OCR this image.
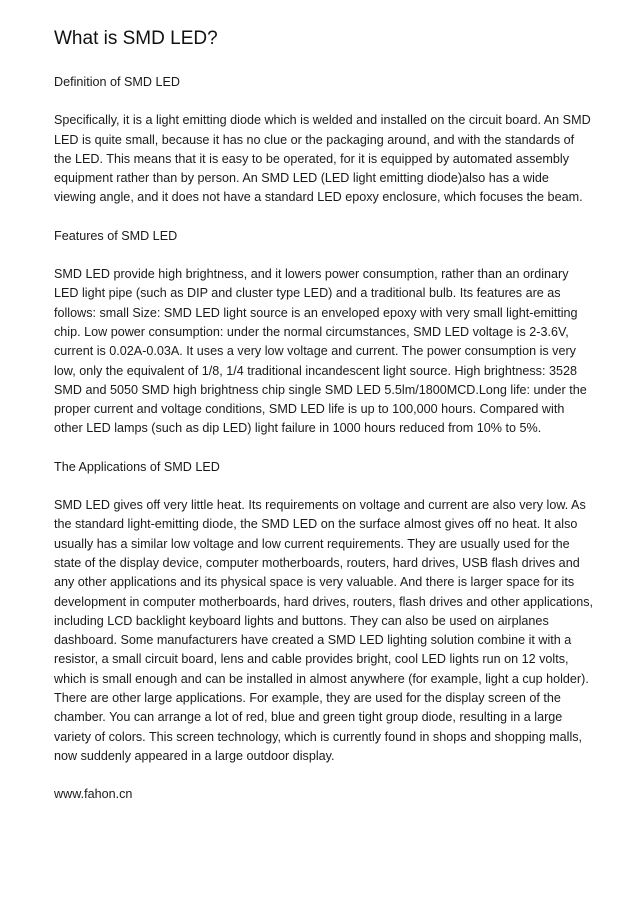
What is SMD LED?

Definition of SMD LED

Specifically, it is a light emitting diode which is welded and installed on the circuit board. An SMD LED is quite small, because it has no clue or the packaging around, and with the standards of the LED. This means that it is easy to be operated, for it is equipped by automated assembly equipment rather than by person. An SMD LED (LED light emitting diode)also has a wide viewing angle, and it does not have a standard LED epoxy enclosure, which focuses the beam.

Features of SMD LED

SMD LED provide high brightness, and it lowers power consumption, rather than an ordinary LED light pipe (such as DIP and cluster type LED) and a traditional bulb. Its features are as follows: small Size: SMD LED light source is an enveloped epoxy with very small light-emitting chip. Low power consumption: under the normal circumstances, SMD LED voltage is 2-3.6V, current is 0.02A-0.03A. It uses a very low voltage and current. The power consumption is very low, only the equivalent of 1/8, 1/4 traditional incandescent light source. High brightness: 3528 SMD and 5050 SMD high brightness chip single SMD LED 5.5lm/1800MCD.Long life: under the proper current and voltage conditions, SMD LED life is up to 100,000 hours. Compared with other LED lamps (such as dip LED) light failure in 1000 hours reduced from 10% to 5%.

The Applications of SMD LED

SMD LED gives off very little heat. Its requirements on voltage and current are also very low. As the standard light-emitting diode, the SMD LED on the surface almost gives off no heat. It also usually has a similar low voltage and low current requirements. They are usually used for the state of the display device, computer motherboards, routers, hard drives, USB flash drives and any other applications and its physical space is very valuable. And there is larger space for its development in computer motherboards, hard drives, routers, flash drives and other applications, including LCD backlight keyboard lights and buttons. They can also be used on airplanes dashboard. Some manufacturers have created a SMD LED lighting solution combine it with a resistor, a small circuit board, lens and cable provides bright, cool LED lights run on 12 volts, which is small enough and can be installed in almost anywhere (for example, light a cup holder). There are other large applications. For example, they are used for the display screen of the chamber. You can arrange a lot of red, blue and green tight group diode, resulting in a large variety of colors. This screen technology, which is currently found in shops and shopping malls, now suddenly appeared in a large outdoor display.

www.fahon.cn
